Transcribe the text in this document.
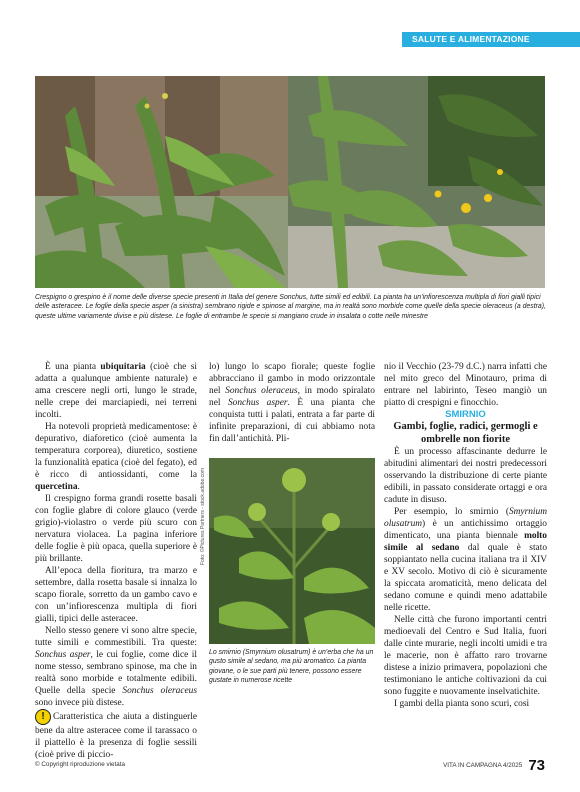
SALUTE E ALIMENTAZIONE
Crespigno o grespino è il nome delle diverse specie presenti in Italia del genere Sonchus, tutte simili ed edibili. La pianta ha un’infiorescenza multipla di fiori gialli tipici delle asteracee. Le foglie della specie asper (a sinistra) sembrano rigide e spinose al margine, ma in realtà sono morbide come quelle della specie oleraceus (a destra), queste ultime variamente divise e più distese. Le foglie di entrambe le specie si mangiano crude in insalata o cotte nelle minestre

È una pianta ubiquitaria (cioè che si adatta a qualunque ambiente naturale) e ama crescere negli orti, lungo le strade, nelle crepe dei marciapiedi, nei terreni incolti.

Ha notevoli proprietà medicamentose: è depurativo, diaforetico (cioè aumenta la temperatura corporea), diuretico, sostiene la funzionalità epatica (cioè del fegato), ed è ricco di antiossidanti, come la quercetina.

Il crespigno forma grandi rosette basali con foglie glabre di colore glauco (verde grigio)-violastro o verde più scuro con nervatura violacea. La pagina inferiore delle foglie è più opaca, quella superiore è più brillante.

All’epoca della fioritura, tra marzo e settembre, dalla rosetta basale si innalza lo scapo fiorale, sorretto da un gambo cavo e con un’infiorescenza multipla di fiori gialli, tipici delle asteracee.

Nello stesso genere vi sono altre specie, tutte simili e commestibili. Tra queste: Sonchus asper, le cui foglie, come dice il nome stesso, sembrano spinose, ma che in realtà sono morbide e totalmente edibili. Quelle della specie Sonchus oleraceus sono invece più distese.

! Caratteristica che aiuta a distinguerle bene da altre asteracee come il tarassaco o il piattello è la presenza di foglie sessili (cioè prive di piccio-

lo) lungo lo scapo fiorale; queste foglie abbracciano il gambo in modo orizzontale nel Sonchus oleraceus, in modo spiralato nel Sonchus asper. È una pianta che conquista tutti i palati, entrata a far parte di infinite preparazioni, di cui abbiamo nota fin dall’antichità. Pli-

Foto: ©Pictures Partners - stock.adobe.com
Lo smirnio (Smyrnium olusatrum) è un’erba che ha un gusto simile al sedano, ma più aromatico. La pianta giovane, o le sue parti più tenere, possono essere gustate in numerose ricette

nio il Vecchio (23-79 d.C.) narra infatti che nel mito greco del Minotauro, prima di entrare nel labirinto, Teseo mangiò un piatto di crespigni e finocchio.

SMIRNIO

Gambi, foglie, radici, germogli e ombrelle non fiorite

È un processo affascinante dedurre le abitudini alimentari dei nostri predecessori osservando la distribuzione di certe piante edibili, in passato considerate ortaggi e ora cadute in disuso.

Per esempio, lo smirnio (Smyrnium olusatrum) è un antichissimo ortaggio dimenticato, una pianta biennale molto simile al sedano dal quale è stato soppiantato nella cucina italiana tra il XIV e XV secolo. Motivo di ciò è sicuramente la spiccata aromaticità, meno delicata del sedano comune e quindi meno adattabile nelle ricette.

Nelle città che furono importanti centri medioevali del Centro e Sud Italia, fuori dalle cinte murarie, negli incolti umidi e tra le macerie, non è affatto raro trovarne distese a inizio primavera, popolazioni che testimoniano le antiche coltivazioni da cui sono fuggite e nuovamente inselvatichite.

I gambi della pianta sono scuri, così

© Copyright riproduzione vietata	VITA IN CAMPAGNA 4/2025 73
